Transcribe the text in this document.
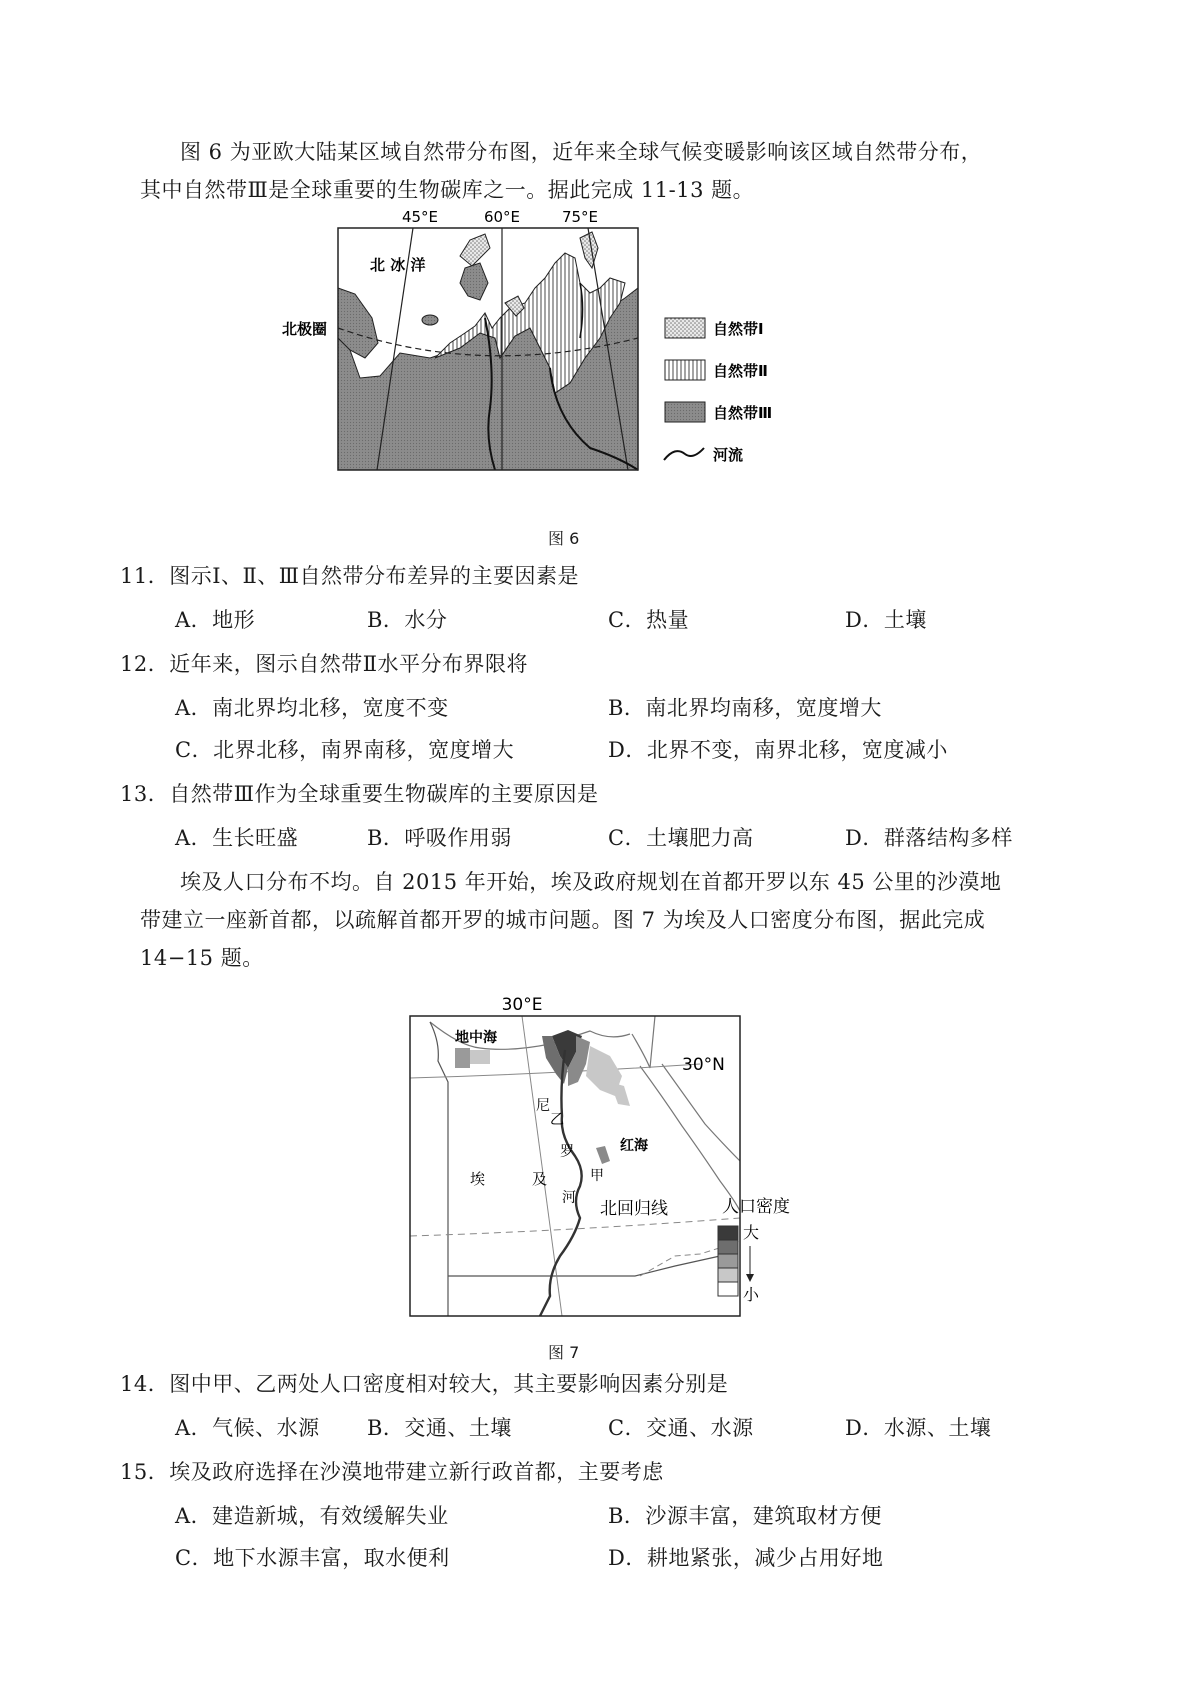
图 6 为亚欧大陆某区域自然带分布图，近年来全球气候变暖影响该区域自然带分布，
其中自然带Ⅲ是全球重要的生物碳库之一。据此完成 11-13 题。
45°E	60°E	75°E
北 冰 洋
北极圈	自然带Ⅰ
自然带Ⅱ
自然带Ⅲ
河流
图 6
11．图示Ⅰ、Ⅱ、Ⅲ自然带分布差异的主要因素是
A．地形	B．水分	C．热量	D．土壤
12．近年来，图示自然带Ⅱ水平分布界限将
A．南北界均北移，宽度不变	B．南北界均南移，宽度增大
C．北界北移，南界南移，宽度增大	D．北界不变，南界北移，宽度减小
13．自然带Ⅲ作为全球重要生物碳库的主要原因是
A．生长旺盛	B．呼吸作用弱	C．土壤肥力高	D．群落结构多样
埃及人口分布不均。自 2015 年开始，埃及政府规划在首都开罗以东 45 公里的沙漠地
带建立一座新首都，以疏解首都开罗的城市问题。图 7 为埃及人口密度分布图，据此完成
14−15 题。
30°E
30°N
地中海
红海
北回归线
埃	及
尼
罗
河
甲
乙
人口密度
大
小
图 7
14．图中甲、乙两处人口密度相对较大，其主要影响因素分别是
A．气候、水源 B．交通、土壤	C．交通、水源	D．水源、土壤
15．埃及政府选择在沙漠地带建立新行政首都，主要考虑
A．建造新城，有效缓解失业	B．沙源丰富，建筑取材方便
C．地下水源丰富，取水便利	D．耕地紧张，减少占用好地
